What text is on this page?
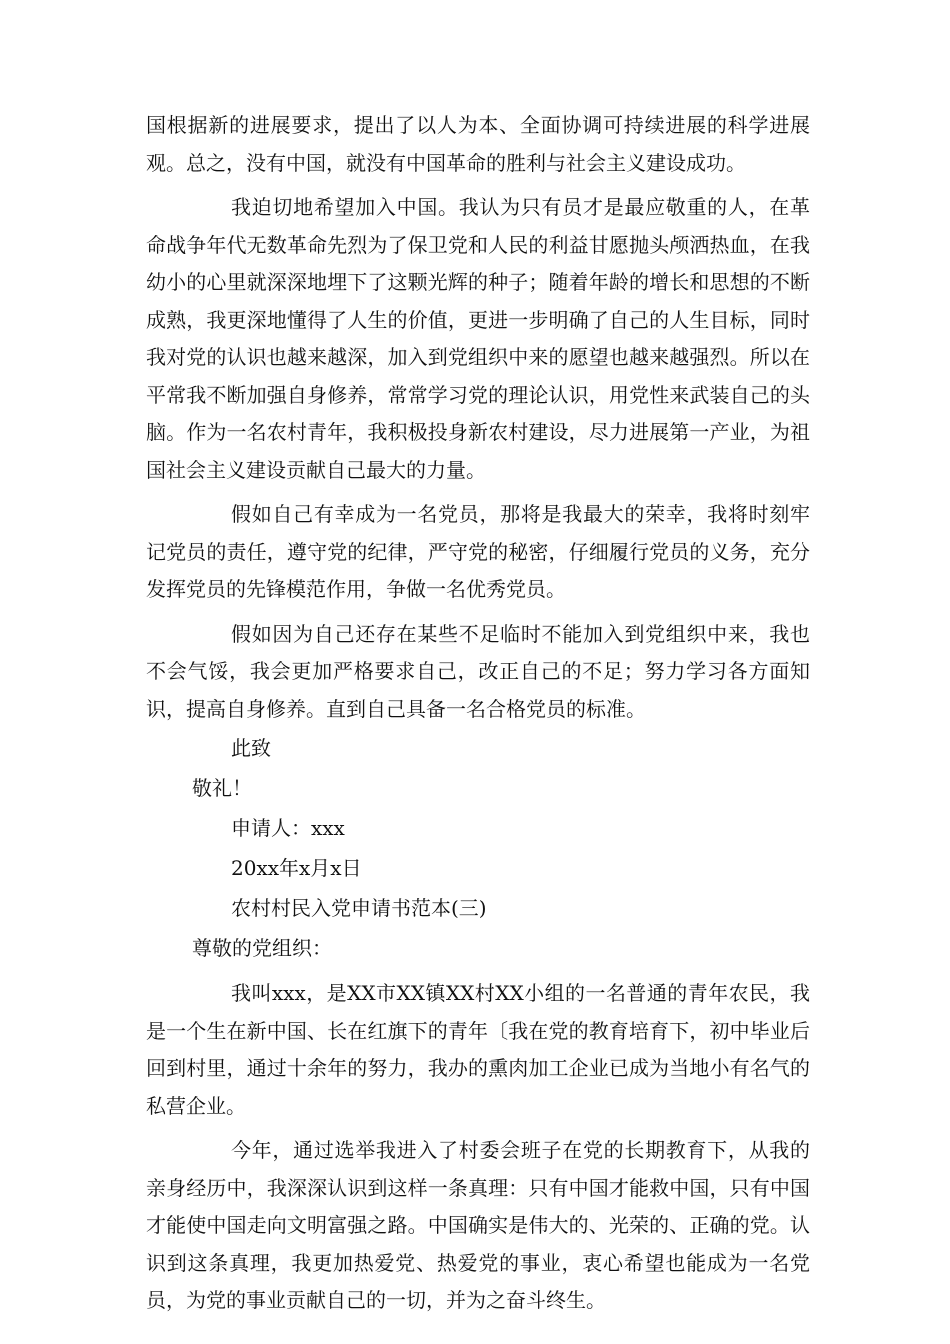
国根据新的进展要求，提出了以人为本、全面协调可持续进展的科学进展观。总之，没有中国，就没有中国革命的胜利与社会主义建设成功。

我迫切地希望加入中国。我认为只有员才是最应敬重的人，在革命战争年代无数革命先烈为了保卫党和人民的利益甘愿抛头颅洒热血，在我幼小的心里就深深地埋下了这颗光辉的种子；随着年龄的增长和思想的不断成熟，我更深地懂得了人生的价值，更进一步明确了自己的人生目标，同时我对党的认识也越来越深，加入到党组织中来的愿望也越来越强烈。所以在平常我不断加强自身修养，常常学习党的理论认识，用党性来武装自己的头脑。作为一名农村青年，我积极投身新农村建设，尽力进展第一产业，为祖国社会主义建设贡献自己最大的力量。

假如自己有幸成为一名党员，那将是我最大的荣幸，我将时刻牢记党员的责任，遵守党的纪律，严守党的秘密，仔细履行党员的义务，充分发挥党员的先锋模范作用，争做一名优秀党员。

假如因为自己还存在某些不足临时不能加入到党组织中来，我也不会气馁，我会更加严格要求自己，改正自己的不足；努力学习各方面知识，提高自身修养。直到自己具备一名合格党员的标准。

此致

敬礼！

申请人：xxx

20xx年x月x日

农村村民入党申请书范本(三)

尊敬的党组织：

我叫xxx，是XX市XX镇XX村XX小组的一名普通的青年农民，我是一个生在新中国、长在红旗下的青年〔我在党的教育培育下，初中毕业后回到村里，通过十余年的努力，我办的熏肉加工企业已成为当地小有名气的私营企业。

今年，通过选举我进入了村委会班子在党的长期教育下，从我的亲身经历中，我深深认识到这样一条真理：只有中国才能救中国，只有中国才能使中国走向文明富强之路。中国确实是伟大的、光荣的、正确的党。认识到这条真理，我更加热爱党、热爱党的事业，衷心希望也能成为一名党员，为党的事业贡献自己的一切，并为之奋斗终生。
